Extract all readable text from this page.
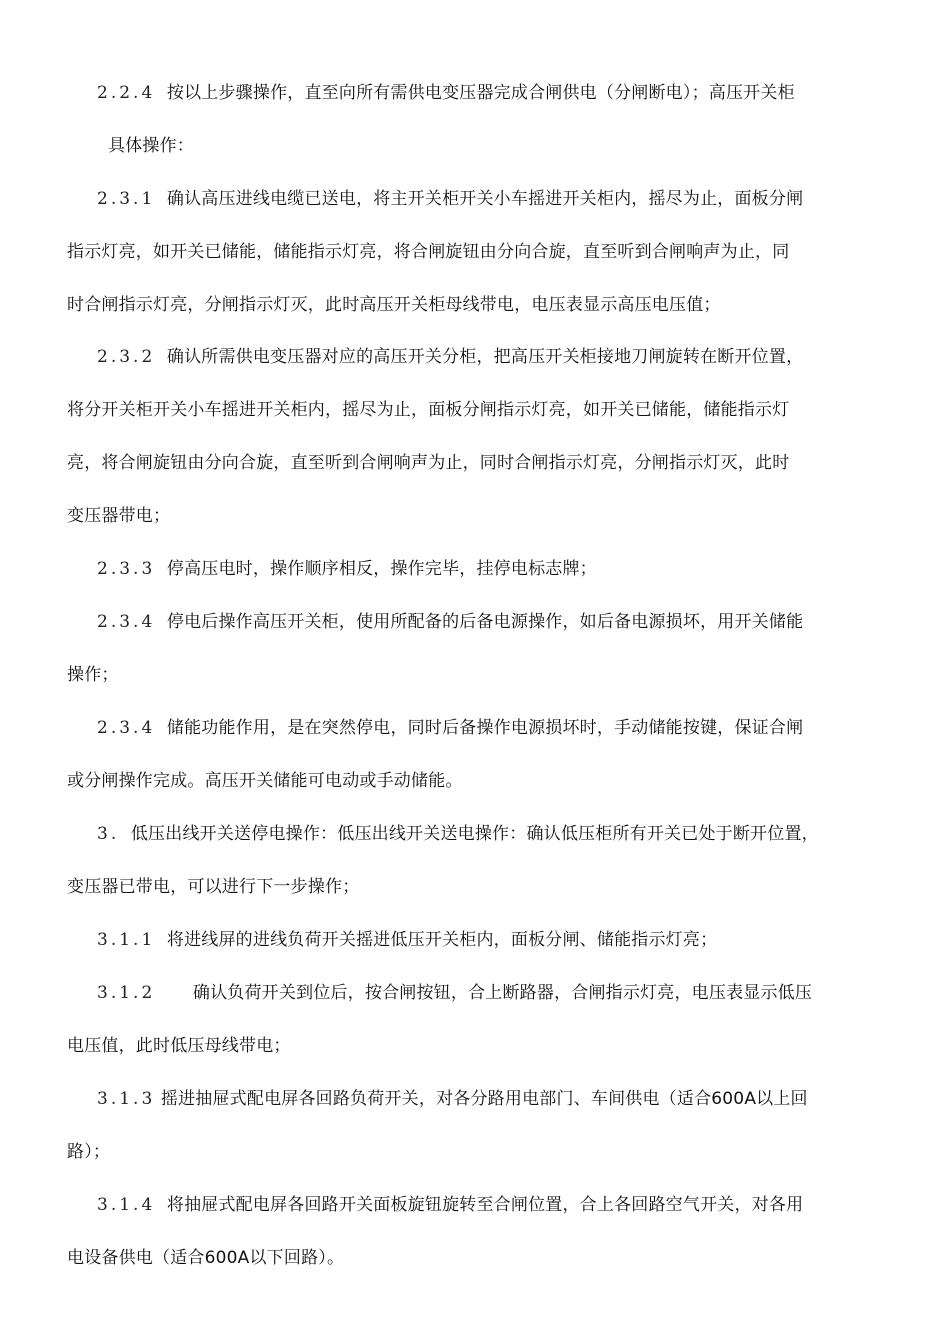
2.2.4 按以上步骤操作，直至向所有需供电变压器完成合闸供电（分闸断电）；高压开关柜
具体操作：
2.3.1 确认高压进线电缆已送电，将主开关柜开关小车摇进开关柜内，摇尽为止，面板分闸
指示灯亮，如开关已储能，储能指示灯亮，将合闸旋钮由分向合旋，直至听到合闸响声为止，同
时合闸指示灯亮，分闸指示灯灭，此时高压开关柜母线带电，电压表显示高压电压值；
2.3.2 确认所需供电变压器对应的高压开关分柜，把高压开关柜接地刀闸旋转在断开位置，
将分开关柜开关小车摇进开关柜内，摇尽为止，面板分闸指示灯亮，如开关已储能，储能指示灯
亮，将合闸旋钮由分向合旋，直至听到合闸响声为止，同时合闸指示灯亮，分闸指示灯灭，此时
变压器带电；
2.3.3 停高压电时，操作顺序相反，操作完毕，挂停电标志牌；
2.3.4 停电后操作高压开关柜，使用所配备的后备电源操作，如后备电源损坏，用开关储能
操作；
2.3.4 储能功能作用，是在突然停电，同时后备操作电源损坏时，手动储能按键，保证合闸
或分闸操作完成。高压开关储能可电动或手动储能。
3. 低压出线开关送停电操作：低压出线开关送电操作：确认低压柜所有开关已处于断开位置，
变压器已带电，可以进行下一步操作；
3.1.1 将进线屏的进线负荷开关摇进低压开关柜内，面板分闸、储能指示灯亮；
3.1.2 确认负荷开关到位后，按合闸按钮，合上断路器，合闸指示灯亮，电压表显示低压
电压值，此时低压母线带电；
3.1.3 摇进抽屉式配电屏各回路负荷开关，对各分路用电部门、车间供电（适合600A以上回
路）；
3.1.4 将抽屉式配电屏各回路开关面板旋钮旋转至合闸位置，合上各回路空气开关，对各用
电设备供电（适合600A以下回路）。
